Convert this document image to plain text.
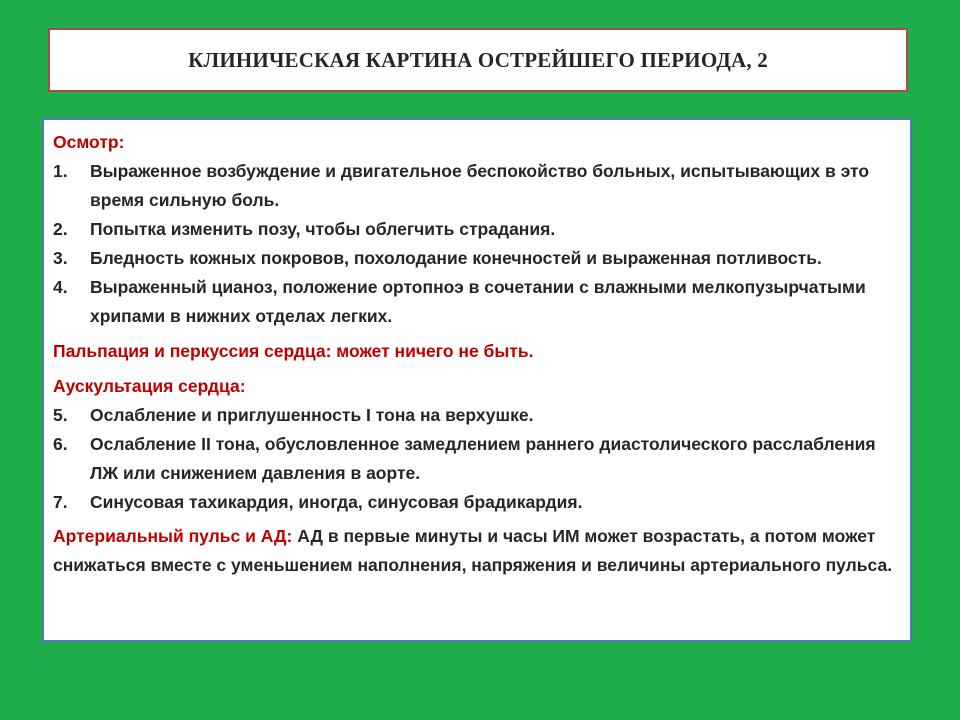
КЛИНИЧЕСКАЯ КАРТИНА ОСТРЕЙШЕГО ПЕРИОДА, 2
Осмотр:
1.	Выраженное возбуждение и двигательное беспокойство больных, испытывающих в это время сильную боль.
2.	Попытка изменить позу, чтобы облегчить страдания.
3.	Бледность кожных покровов, похолодание конечностей и выраженная потливость.
4.	Выраженный цианоз, положение ортопноэ в сочетании с влажными мелкопузырчатыми хрипами в нижних отделах легких.
Пальпация и перкуссия сердца: может ничего не быть.
Аускультация сердца:
5.	Ослабление и приглушенность I тона на верхушке.
6.	Ослабление II тона, обусловленное замедлением раннего диастолического расслабления ЛЖ или снижением давления в аорте.
7.	Синусовая тахикардия, иногда, синусовая брадикардия.
Артериальный пульс и АД: АД в первые минуты и часы ИМ может возрастать, а потом может снижаться вместе с уменьшением наполнения, напряжения и величины артериального пульса.
